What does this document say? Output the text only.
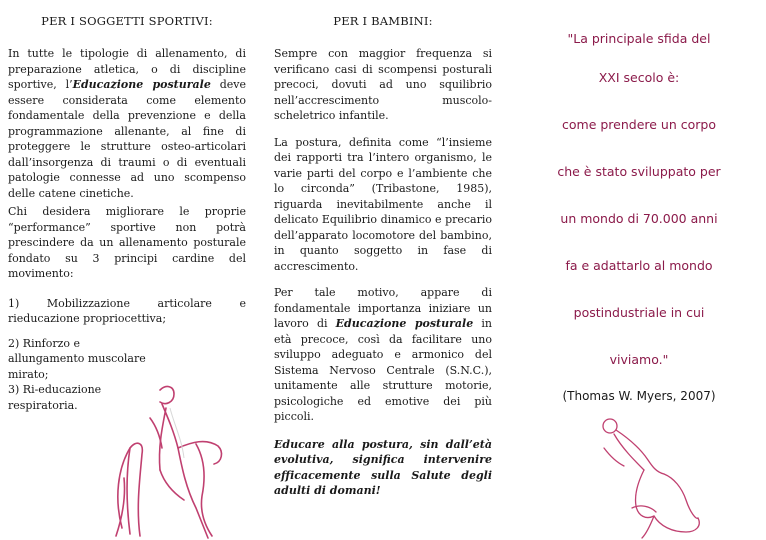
PER I SOGGETTI SPORTIVI:

In tutte le tipologie di allenamento, di preparazione atletica, o di discipline sportive, l’Educazione posturale deve essere considerata come elemento fondamentale della prevenzione e della programmazione allenante, al fine di proteggere le strutture osteo-articolari dall’insorgenza di traumi o di eventuali patologie connesse ad uno scompenso delle catene cinetiche.

Chi desidera migliorare le proprie “performance” sportive non potrà prescindere da un allenamento posturale fondato su 3 principi cardine del movimento:

1) Mobilizzazione articolare e rieducazione propriocettiva;

2) Rinforzo e allungamento muscolare mirato;

3) Ri-educazione respiratoria.

PER I BAMBINI:

Sempre con maggior frequenza si verificano casi di scompensi posturali precoci, dovuti ad uno squilibrio nell’accrescimento muscolo-scheletrico infantile.

La postura, definita come “l’insieme dei rapporti tra l’intero organismo, le varie parti del corpo e l’ambiente che lo circonda” (Tribastone, 1985), riguarda inevitabilmente anche il delicato Equilibrio dinamico e precario dell’apparato locomotore del bambino, in quanto soggetto in fase di accrescimento.

Per tale motivo, appare di fondamentale importanza iniziare un lavoro di Educazione posturale in età precoce, così da facilitare uno sviluppo adeguato e armonico del Sistema Nervoso Centrale (S.N.C.), unitamente alle strutture motorie, psicologiche ed emotive dei più piccoli.

Educare alla postura, sin dall’età evolutiva, significa intervenire efficacemente sulla Salute degli adulti di domani!

"La principale sfida del

XXI secolo è:

come prendere un corpo

che è stato sviluppato per

un mondo di 70.000 anni

fa e adattarlo al mondo

postindustriale in cui

viviamo."

(Thomas W. Myers, 2007)
